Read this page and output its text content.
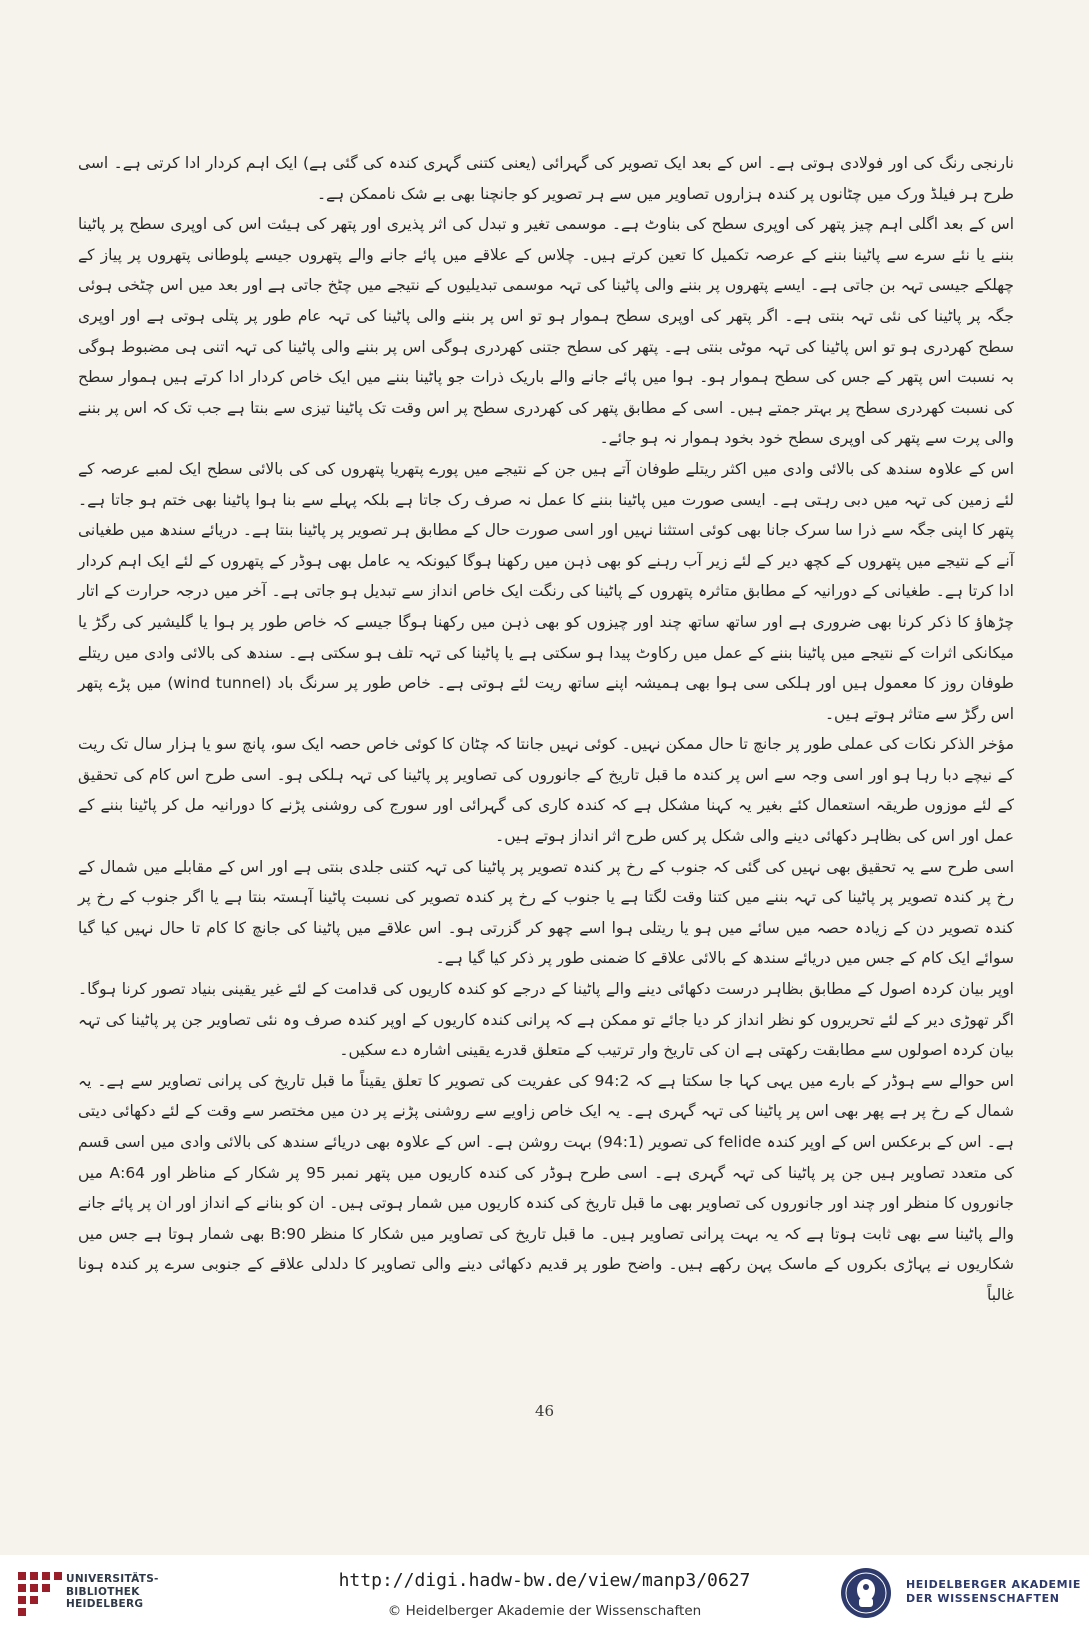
نارنجی رنگ کی اور فولادی ہوتی ہے۔ اس کے بعد ایک تصویر کی گہرائی (یعنی کتنی گہری کندہ کی گئی ہے) ایک اہم کردار ادا کرتی ہے۔ اسی طرح ہر فیلڈ ورک میں چٹانوں پر کندہ ہزاروں تصاویر میں سے ہر تصویر کو جانچنا بھی بے شک ناممکن ہے۔

اس کے بعد اگلی اہم چیز پتھر کی اوپری سطح کی بناوٹ ہے۔ موسمی تغیر و تبدل کی اثر پذیری اور پتھر کی ہیئت اس کی اوپری سطح پر پاٹینا بننے یا نئے سرے سے پاٹینا بننے کے عرصہ تکمیل کا تعین کرتے ہیں۔ چلاس کے علاقے میں پائے جانے والے پتھروں جیسے پلوطانی پتھروں پر پیاز کے چھلکے جیسی تہہ بن جاتی ہے۔ ایسے پتھروں پر بننے والی پاٹینا کی تہہ موسمی تبدیلیوں کے نتیجے میں چٹخ جاتی ہے اور بعد میں اس چٹخی ہوئی جگہ پر پاٹینا کی نئی تہہ بنتی ہے۔ اگر پتھر کی اوپری سطح ہموار ہو تو اس پر بننے والی پاٹینا کی تہہ عام طور پر پتلی ہوتی ہے اور اوپری سطح کھردری ہو تو اس پاٹینا کی تہہ موٹی بنتی ہے۔ پتھر کی سطح جتنی کھردری ہوگی اس پر بننے والی پاٹینا کی تہہ اتنی ہی مضبوط ہوگی بہ نسبت اس پتھر کے جس کی سطح ہموار ہو۔ ہوا میں پائے جانے والے باریک ذرات جو پاٹینا بننے میں ایک خاص کردار ادا کرتے ہیں ہموار سطح کی نسبت کھردری سطح پر بہتر جمتے ہیں۔ اسی کے مطابق پتھر کی کھردری سطح پر اس وقت تک پاٹینا تیزی سے بنتا ہے جب تک کہ اس پر بننے والی پرت سے پتھر کی اوپری سطح خود بخود ہموار نہ ہو جائے۔

اس کے علاوہ سندھ کی بالائی وادی میں اکثر ریتلے طوفان آتے ہیں جن کے نتیجے میں پورے پتھریا پتھروں کی کی بالائی سطح ایک لمبے عرصہ کے لئے زمین کی تہہ میں دبی رہتی ہے۔ ایسی صورت میں پاٹینا بننے کا عمل نہ صرف رک جاتا ہے بلکہ پہلے سے بنا ہوا پاٹینا بھی ختم ہو جاتا ہے۔ پتھر کا اپنی جگہ سے ذرا سا سرک جانا بھی کوئی استثنا نہیں اور اسی صورت حال کے مطابق ہر تصویر پر پاٹینا بنتا ہے۔ دریائے سندھ میں طغیانی آنے کے نتیجے میں پتھروں کے کچھ دیر کے لئے زیر آب رہنے کو بھی ذہن میں رکھنا ہوگا کیونکہ یہ عامل بھی ہوڈر کے پتھروں کے لئے ایک اہم کردار ادا کرتا ہے۔ طغیانی کے دورانیہ کے مطابق متاثرہ پتھروں کے پاٹینا کی رنگت ایک خاص انداز سے تبدیل ہو جاتی ہے۔ آخر میں درجہ حرارت کے اتار چڑھاؤ کا ذکر کرنا بھی ضروری ہے اور ساتھ ساتھ چند اور چیزوں کو بھی ذہن میں رکھنا ہوگا جیسے کہ خاص طور پر ہوا یا گلیشیر کی رگڑ یا میکانکی اثرات کے نتیجے میں پاٹینا بننے کے عمل میں رکاوٹ پیدا ہو سکتی ہے یا پاٹینا کی تہہ تلف ہو سکتی ہے۔ سندھ کی بالائی وادی میں ریتلے طوفان روز کا معمول ہیں اور ہلکی سی ہوا بھی ہمیشہ اپنے ساتھ ریت لئے ہوتی ہے۔ خاص طور پر سرنگ باد (wind tunnel) میں پڑے پتھر اس رگڑ سے متاثر ہوتے ہیں۔

مؤخر الذکر نکات کی عملی طور پر جانچ تا حال ممکن نہیں۔ کوئی نہیں جانتا کہ چٹان کا کوئی خاص حصہ ایک سو، پانچ سو یا ہزار سال تک ریت کے نیچے دبا رہا ہو اور اسی وجہ سے اس پر کندہ ما قبل تاریخ کے جانوروں کی تصاویر پر پاٹینا کی تہہ ہلکی ہو۔ اسی طرح اس کام کی تحقیق کے لئے موزوں طریقہ استعمال کئے بغیر یہ کہنا مشکل ہے کہ کندہ کاری کی گہرائی اور سورج کی روشنی پڑنے کا دورانیہ مل کر پاٹینا بننے کے عمل اور اس کی بظاہر دکھائی دینے والی شکل پر کس طرح اثر انداز ہوتے ہیں۔

اسی طرح سے یہ تحقیق بھی نہیں کی گئی کہ جنوب کے رخ پر کندہ تصویر پر پاٹینا کی تہہ کتنی جلدی بنتی ہے اور اس کے مقابلے میں شمال کے رخ پر کندہ تصویر پر پاٹینا کی تہہ بننے میں کتنا وقت لگتا ہے یا جنوب کے رخ پر کندہ تصویر کی نسبت پاٹینا آہستہ بنتا ہے یا اگر جنوب کے رخ پر کندہ تصویر دن کے زیادہ حصہ میں سائے میں ہو یا ریتلی ہوا اسے چھو کر گزرتی ہو۔ اس علاقے میں پاٹینا کی جانچ کا کام تا حال نہیں کیا گیا سوائے ایک کام کے جس میں دریائے سندھ کے بالائی علاقے کا ضمنی طور پر ذکر کیا گیا ہے۔

اوپر بیان کردہ اصول کے مطابق بظاہر درست دکھائی دینے والے پاٹینا کے درجے کو کندہ کاریوں کی قدامت کے لئے غیر یقینی بنیاد تصور کرنا ہوگا۔ اگر تھوڑی دیر کے لئے تحریروں کو نظر انداز کر دیا جائے تو ممکن ہے کہ پرانی کندہ کاریوں کے اوپر کندہ صرف وہ نئی تصاویر جن پر پاٹینا کی تہہ بیان کردہ اصولوں سے مطابقت رکھتی ہے ان کی تاریخ وار ترتیب کے متعلق قدرے یقینی اشارہ دے سکیں۔

اس حوالے سے ہوڈر کے بارے میں یہی کہا جا سکتا ہے کہ 94:2 کی عفریت کی تصویر کا تعلق یقیناً ما قبل تاریخ کی پرانی تصاویر سے ہے۔ یہ شمال کے رخ پر ہے پھر بھی اس پر پاٹینا کی تہہ گہری ہے۔ یہ ایک خاص زاویے سے روشنی پڑنے پر دن میں مختصر سے وقت کے لئے دکھائی دیتی ہے۔ اس کے برعکس اس کے اوپر کندہ felide کی تصویر (94:1) بہت روشن ہے۔ اس کے علاوہ بھی دریائے سندھ کی بالائی وادی میں اسی قسم کی متعدد تصاویر ہیں جن پر پاٹینا کی تہہ گہری ہے۔ اسی طرح ہوڈر کی کندہ کاریوں میں پتھر نمبر 95 پر شکار کے مناظر اور 64:A میں جانوروں کا منظر اور چند اور جانوروں کی تصاویر بھی ما قبل تاریخ کی کندہ کاریوں میں شمار ہوتی ہیں۔ ان کو بنانے کے انداز اور ان پر پائے جانے والے پاٹینا سے بھی ثابت ہوتا ہے کہ یہ بہت پرانی تصاویر ہیں۔ ما قبل تاریخ کی تصاویر میں شکار کا منظر 90:B بھی شمار ہوتا ہے جس میں شکاریوں نے پہاڑی بکروں کے ماسک پہن رکھے ہیں۔ واضح طور پر قدیم دکھائی دینے والی تصاویر کا دلدلی علاقے کے جنوبی سرے پر کندہ ہونا غالباً

46
UNIVERSITÄTS-
BIBLIOTHEK
HEIDELBERG
http://digi.hadw-bw.de/view/manp3/0627
© Heidelberger Akademie der Wissenschaften
HEIDELBERGER AKADEMIE
DER WISSENSCHAFTEN
